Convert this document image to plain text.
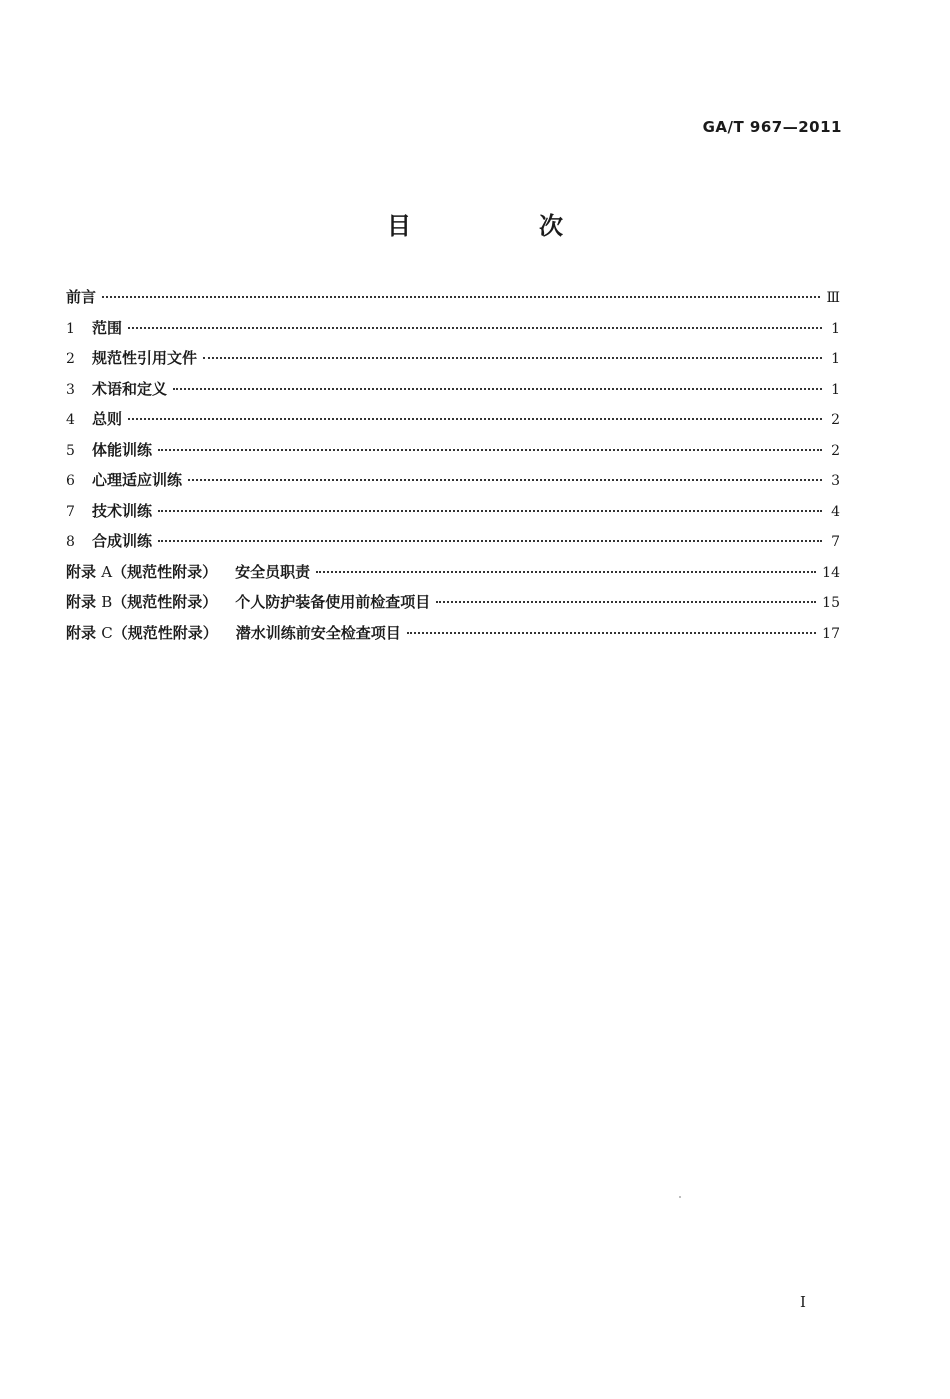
GA/T 967—2011
目　次
前言	Ⅲ
1	范围	1
2	规范性引用文件	1
3	术语和定义	1
4	总则	2
5	体能训练	2
6	心理适应训练	3
7	技术训练	4
8	合成训练	7
附录 A（规范性附录） 安全员职责	14
附录 B（规范性附录） 个人防护装备使用前检查项目	15
附录 C（规范性附录） 潜水训练前安全检查项目	17
I
